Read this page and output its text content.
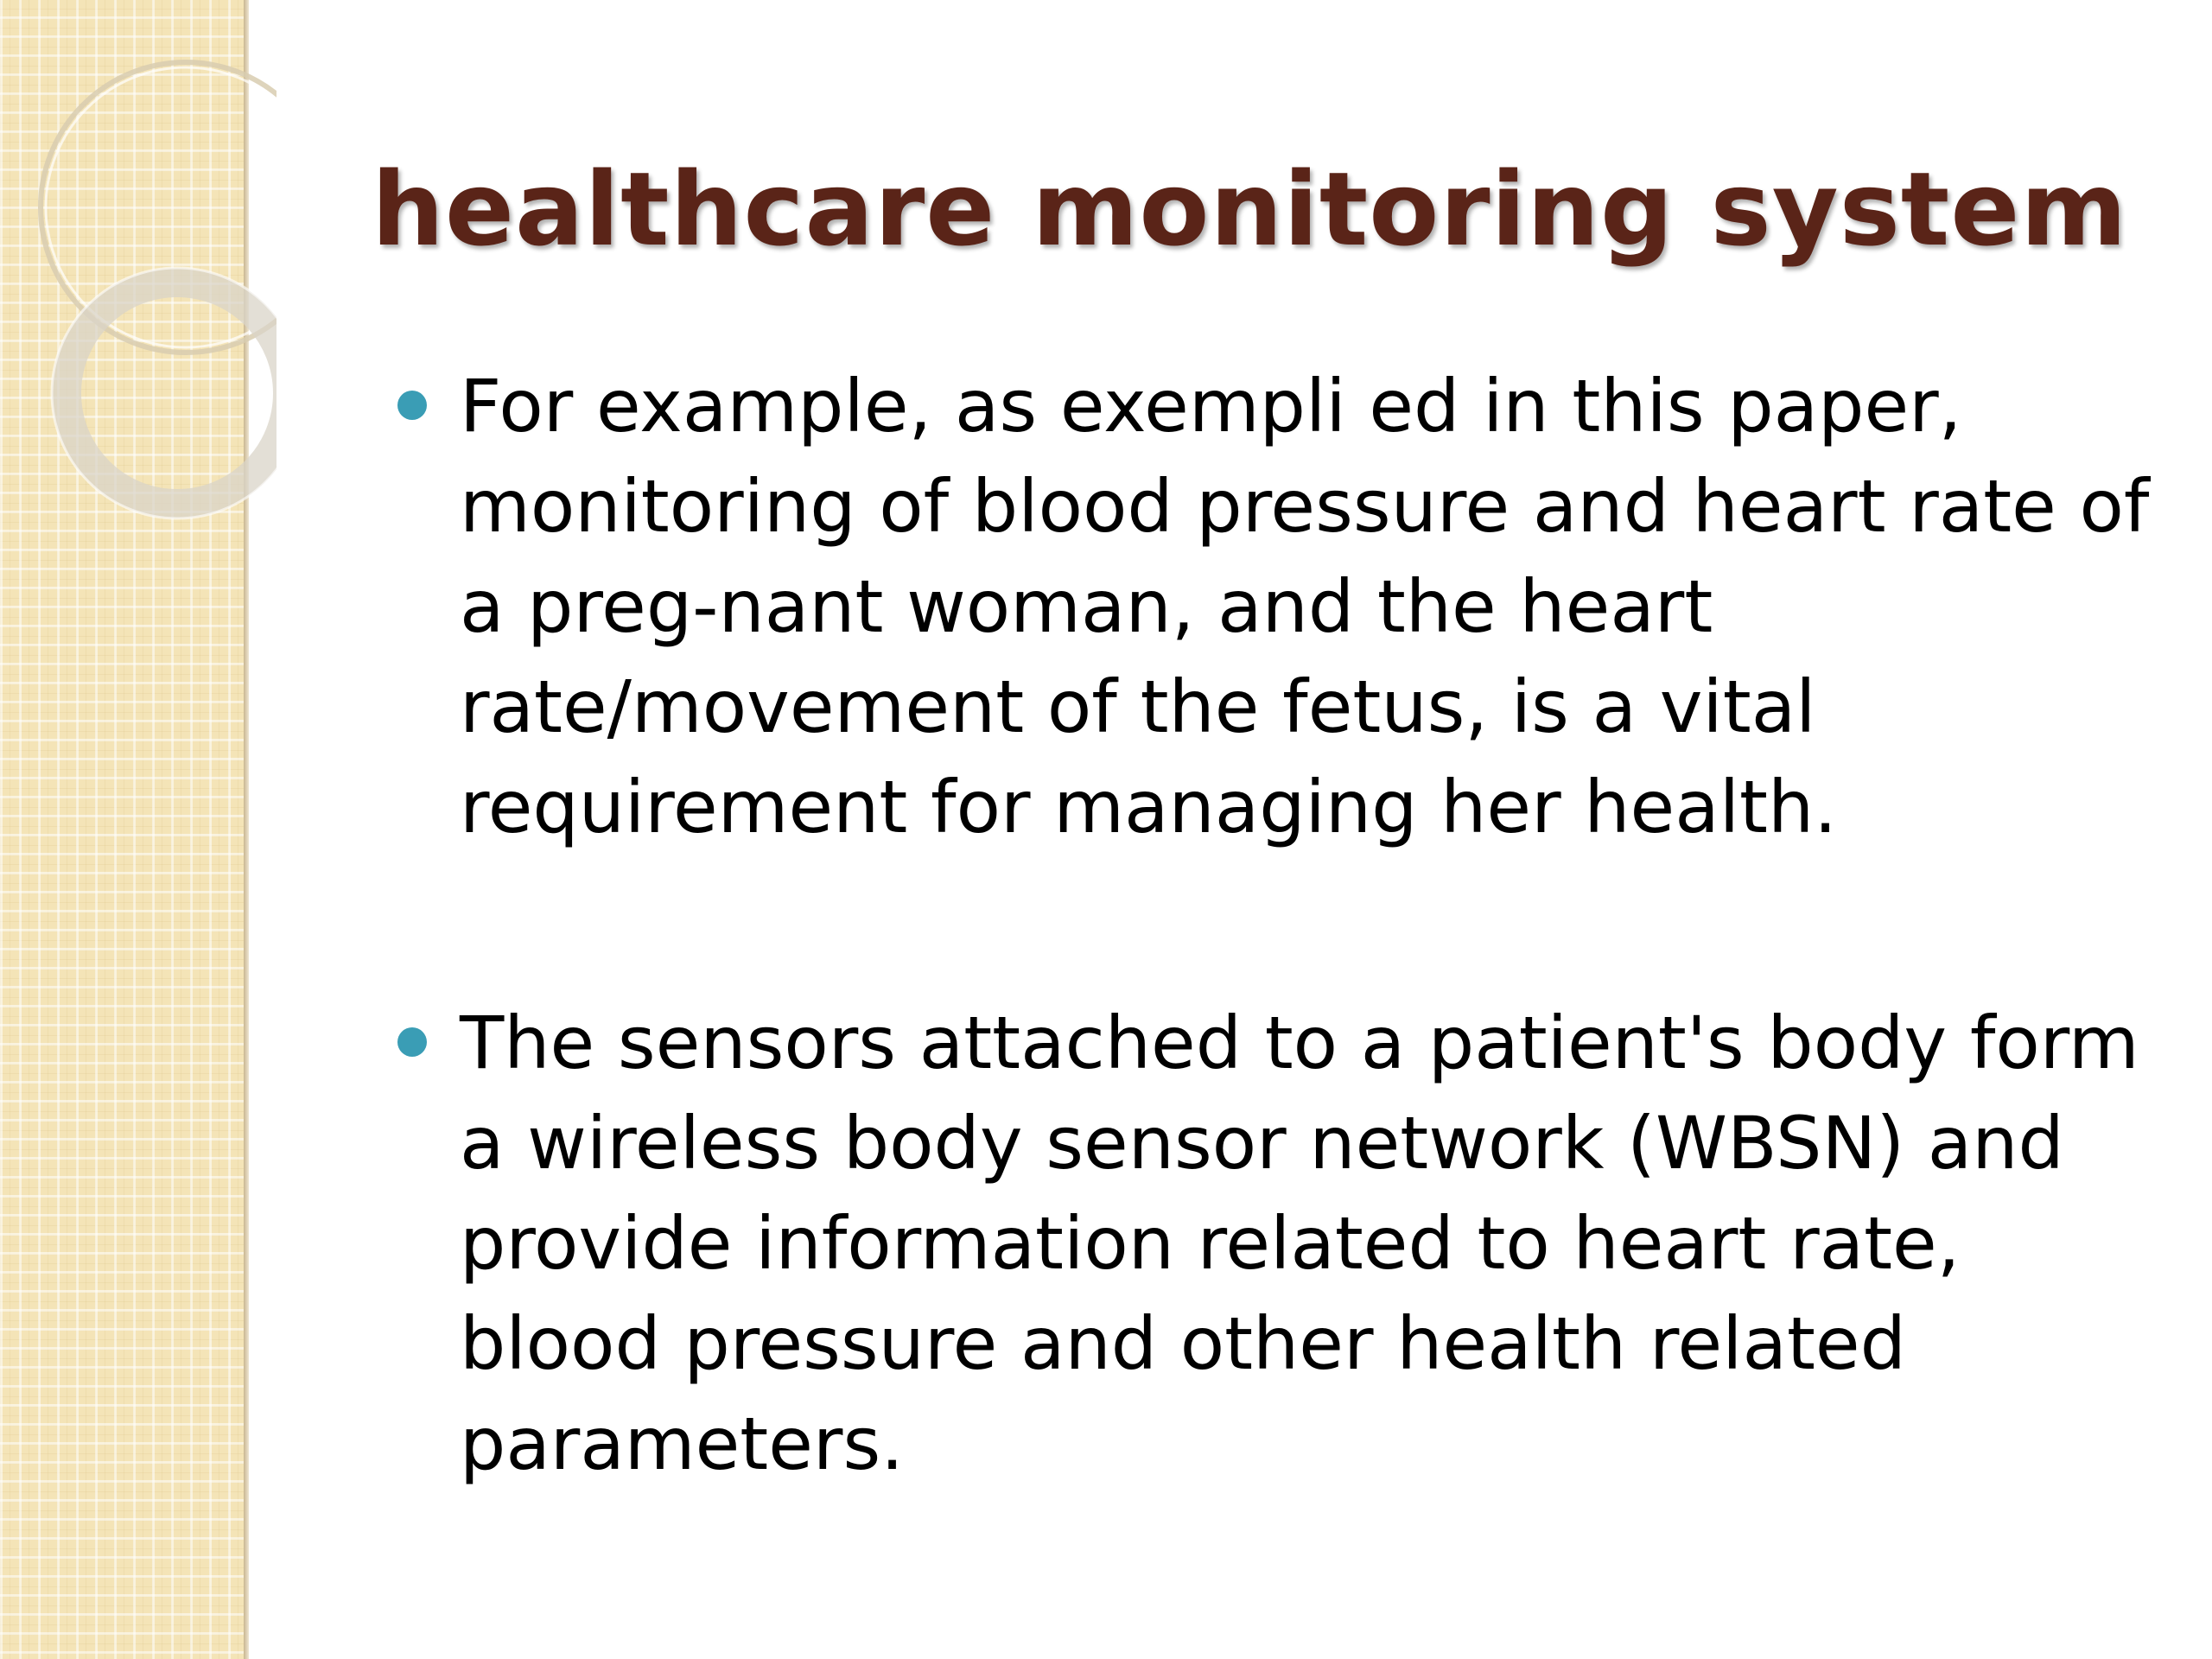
healthcare monitoring system
For example, as exempli ed in this paper, monitoring of blood pressure and heart rate of a preg-nant woman, and the heart rate/movement of the fetus, is a vital requirement for managing her health.
The sensors attached to a patient's body form a wireless body sensor network (WBSN) and provide information related to heart rate, blood pressure and other health related parameters.
